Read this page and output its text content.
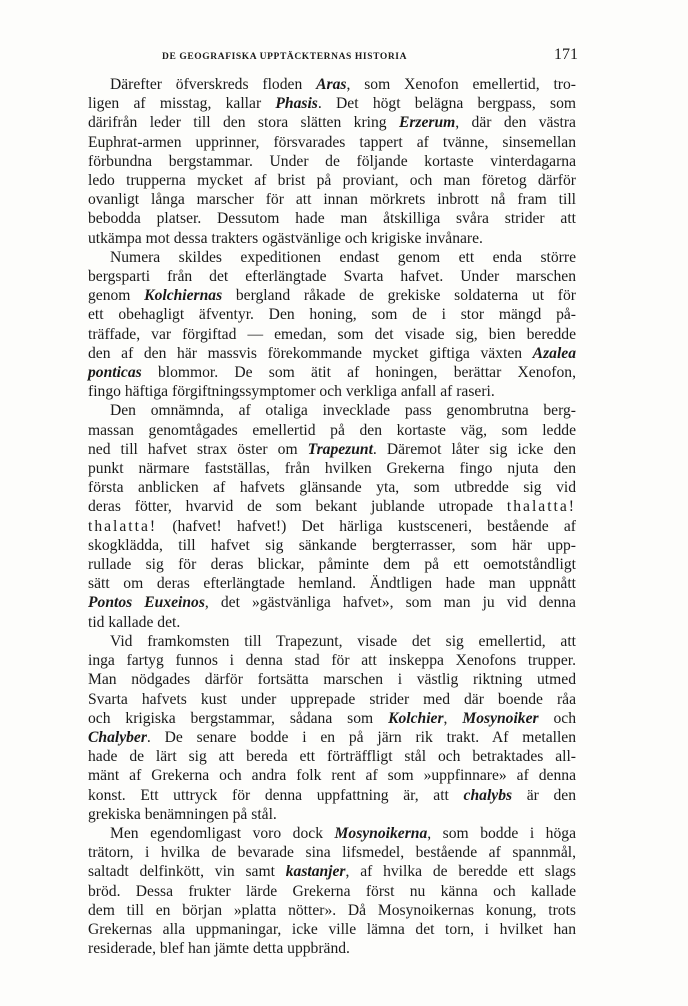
DE GEOGRAFISKA UPPTÄCKTERNAS HISTORIA	171
Därefter öfverskreds floden Aras, som Xenofon emellertid, tro-
ligen af misstag, kallar Phasis. Det högt belägna bergpass, som
därifrån leder till den stora slätten kring Erzerum, där den västra
Euphrat-armen upprinner, försvarades tappert af tvänne, sinsemellan
förbundna bergstammar. Under de följande kortaste vinterdagarna
ledo trupperna mycket af brist på proviant, och man företog därför
ovanligt långa marscher för att innan mörkrets inbrott nå fram till
bebodda platser. Dessutom hade man åtskilliga svåra strider att
utkämpa mot dessa trakters ogästvänlige och krigiske invånare.
Numera skildes expeditionen endast genom ett enda större
bergsparti från det efterlängtade Svarta hafvet. Under marschen
genom Kolchiernas bergland råkade de grekiske soldaterna ut för
ett obehagligt äfventyr. Den honing, som de i stor mängd på-
träffade, var förgiftad — emedan, som det visade sig, bien beredde
den af den här massvis förekommande mycket giftiga växten Azalea
ponticas blommor. De som ätit af honingen, berättar Xenofon,
fingo häftiga förgiftningssymptomer och verkliga anfall af raseri.
Den omnämnda, af otaliga invecklade pass genombrutna berg-
massan genomtågades emellertid på den kortaste väg, som ledde
ned till hafvet strax öster om Trapezunt. Däremot låter sig icke den
punkt närmare fastställas, från hvilken Grekerna fingo njuta den
första anblicken af hafvets glänsande yta, som utbredde sig vid
deras fötter, hvarvid de som bekant jublande utropade thalatta!
thalatta! (hafvet! hafvet!) Det härliga kustsceneri, bestående af
skogklädda, till hafvet sig sänkande bergterrasser, som här upp-
rullade sig för deras blickar, påminte dem på ett oemotståndligt
sätt om deras efterlängtade hemland. Ändtligen hade man uppnått
Pontos Euxeinos, det »gästvänliga hafvet», som man ju vid denna
tid kallade det.
Vid framkomsten till Trapezunt, visade det sig emellertid, att
inga fartyg funnos i denna stad för att inskeppa Xenofons trupper.
Man nödgades därför fortsätta marschen i västlig riktning utmed
Svarta hafvets kust under upprepade strider med där boende råa
och krigiska bergstammar, sådana som Kolchier, Mosynoiker och
Chalyber. De senare bodde i en på järn rik trakt. Af metallen
hade de lärt sig att bereda ett förträffligt stål och betraktades all-
mänt af Grekerna och andra folk rent af som »uppfinnare» af denna
konst. Ett uttryck för denna uppfattning är, att chalybs är den
grekiska benämningen på stål.
Men egendomligast voro dock Mosynoikerna, som bodde i höga
trätorn, i hvilka de bevarade sina lifsmedel, bestående af spannmål,
saltadt delfinkött, vin samt kastanjer, af hvilka de beredde ett slags
bröd. Dessa frukter lärde Grekerna först nu känna och kallade
dem till en början »platta nötter». Då Mosynoikernas konung, trots
Grekernas alla uppmaningar, icke ville lämna det torn, i hvilket han
residerade, blef han jämte detta uppbränd.
